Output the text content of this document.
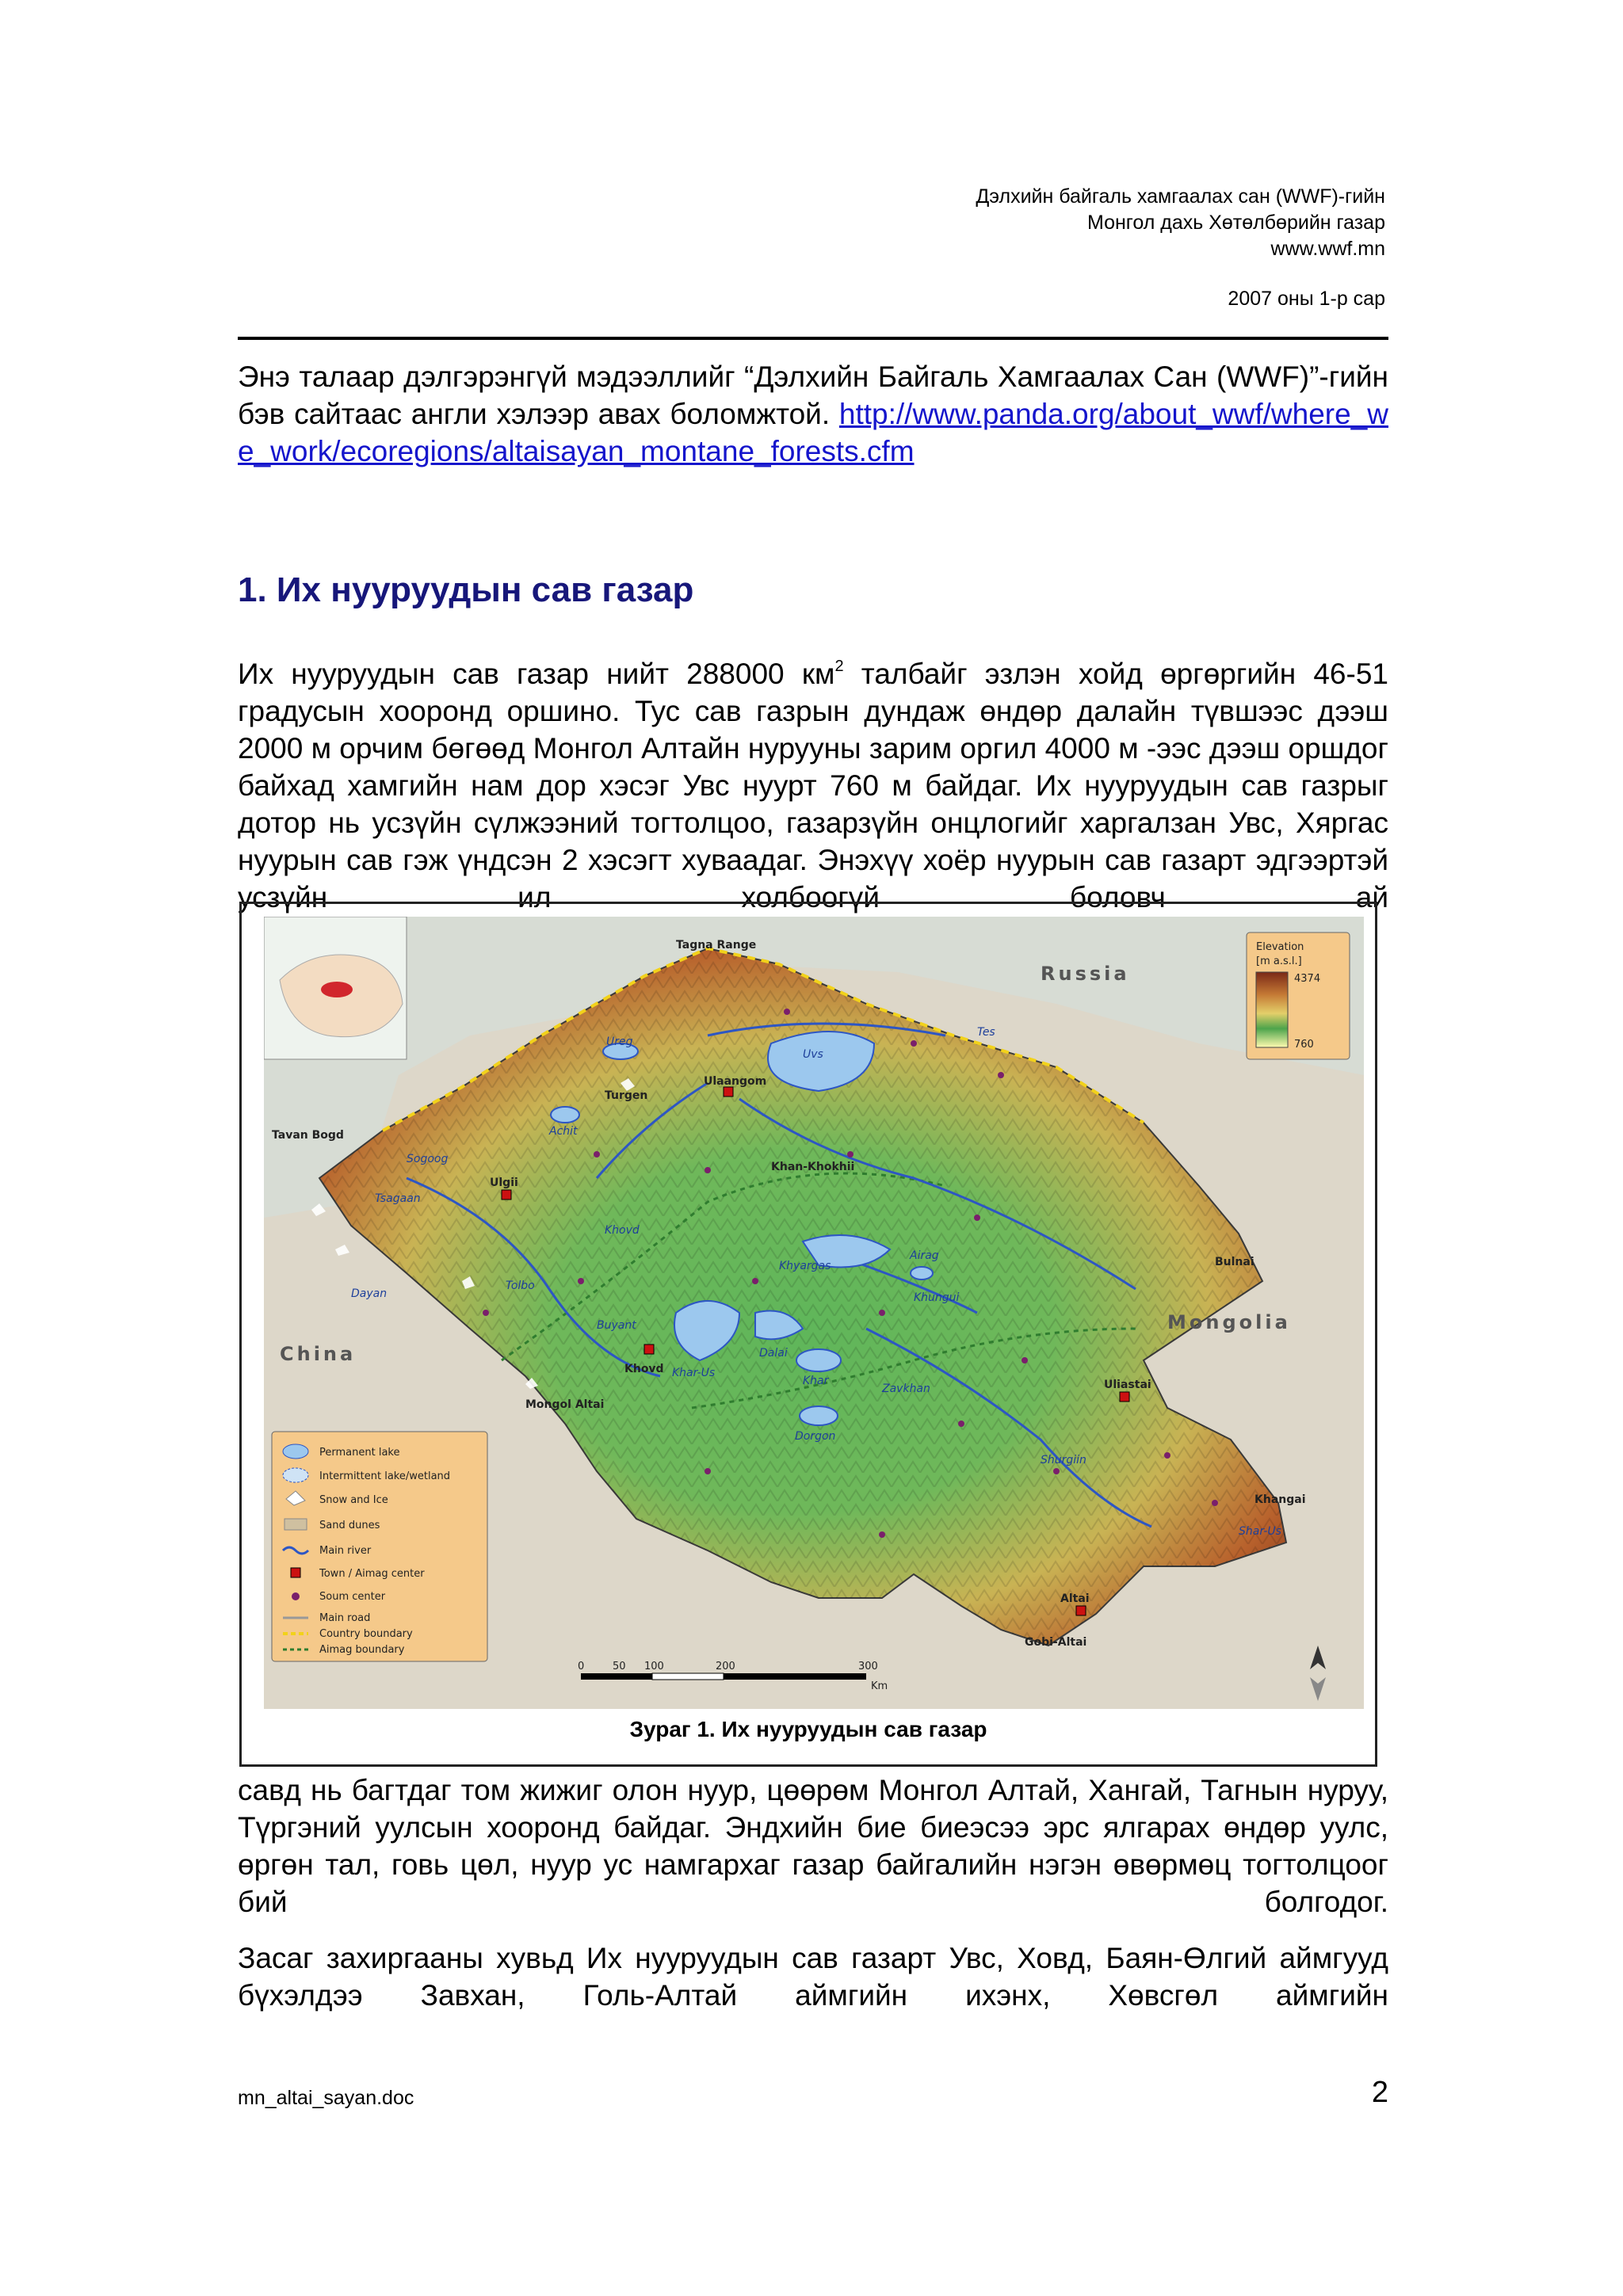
Дэлхийн байгаль хамгаалах сан (WWF)-гийн
Монгол дахь Хөтөлбөрийн газар
www.wwf.mn
2007 оны 1-р сар
Энэ талаар дэлгэрэнгүй мэдээллийг “Дэлхийн Байгаль Хамгаалах Сан (WWF)”-гийн бэв сайтаас англи хэлээр авах боломжтой. http://www.panda.org/about_wwf/where_we_work/ecoregions/altaisayan_montane_forests.cfm
1. Их нууруудын сав газар
Их нууруудын сав газар нийт 288000 $км^2$ талбайг эзлэн хойд өргөргийн 46-51 градусын хооронд оршино. Тус сав газрын дундаж өндөр далайн түвшээс дээш 2000 м орчим бөгөөд Монгол Алтайн нурууны зарим оргил 4000 м -ээс дээш оршдог байхад хамгийн нам дор хэсэг Увс нуурт 760 м байдаг. Их нууруудын сав газрыг дотор нь усзүйн сүлжээний тогтолцоо, газарзүйн онцлогийг харгалзан Увс, Хяргас нуурын сав гэж үндсэн 2 хэсэгт хуваадаг. Энэхүү хоёр нуурын сав газарт эдгээртэй усзүйн ил холбоогүй боловч ай
Tagna Range
Russia
Mongolia
China
Khangai
Gobi-Altai
Turgen
Khan-Khokhii
Tavan Bogd
Mongol Altai
Uvs
Ureg
Achit
Khyargas
Airag
Khar-Us
Dalai
Khar
Dorgon
Tolbo
Dayan
Bulnai
Shar-Us
Tes
Sogoog
Tsagaan
Khovd
Buyant
Khungui
Zavkhan
Shurgiin
Ulaangom
Ulgii
Khovd
Uliastai
Altai
Elevation
[m a.s.l.]
4374
760
Permanent lake
Intermittent lake/wetland
Snow and Ice
Sand dunes
Main river
Town / Aimag center
Soum center
Main road
Country boundary
Aimag boundary
0	50 100	200	300
Km
Зураг 1. Их нууруудын сав газар
савд нь багтдаг том жижиг олон нуур, цөөрөм Монгол Алтай, Хангай, Тагнын нуруу, Түргэний уулсын хооронд байдаг. Эндхийн бие биеэсээ эрс ялгарах өндөр уулс, өргөн тал, говь цөл, нуур ус намгархаг газар байгалийн нэгэн өвөрмөц тогтолцоог бий болгодог.
Засаг захиргааны хувьд Их нууруудын сав газарт Увс, Ховд, Баян-Өлгий аймгууд бүхэлдээ Завхан, Голь-Алтай аймгийн ихэнх, Хөвсгөл аймгийн
mn_altai_sayan.doc	2
